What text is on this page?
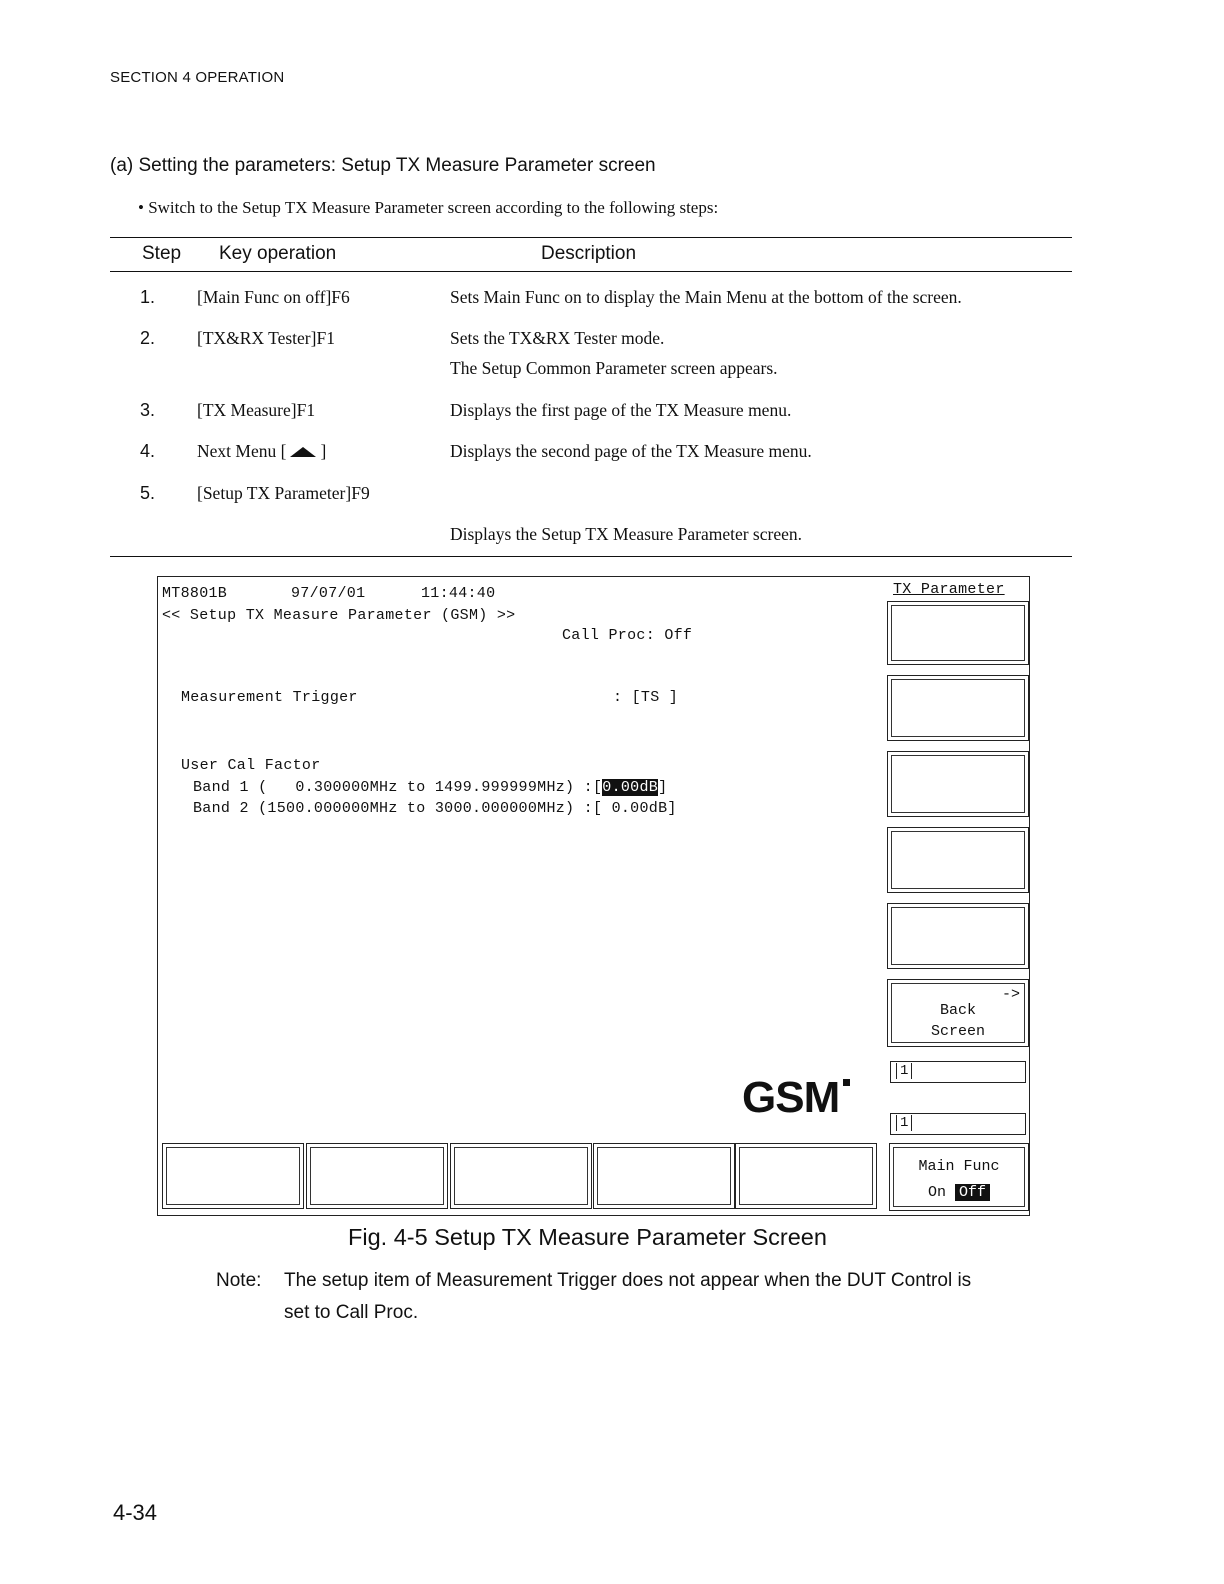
SECTION 4 OPERATION
(a) Setting the parameters: Setup TX Measure Parameter screen
• Switch to the Setup TX Measure Parameter screen according to the following steps:
Step Key operation	Description
1. [Main Func on off]F6	Sets Main Func on to display the Main Menu at the bottom of the screen.
2. [TX&RX Tester]F1	Sets the TX&RX Tester mode.
The Setup Common Parameter screen appears.
3. [TX Measure]F1	Displays the first page of the TX Measure menu.
4. Next Menu [ ]	Displays the second page of the TX Measure menu.
5. [Setup TX Parameter]F9
Displays the Setup TX Measure Parameter screen.
MT8801B	97/07/01	11:44:40
<< Setup TX Measure Parameter (GSM) >>
Call Proc: Off
Measurement Trigger	: [TS ]
User Cal Factor
Band 1 (   0.300000MHz to 1499.999999MHz) :[0.00dB]
Band 2 (1500.000000MHz to 3000.000000MHz) :[ 0.00dB]
TX Parameter
->
Back
Screen
1
1
Main Func
On Off
GSM
Fig. 4-5 Setup TX Measure Parameter Screen
Note: The setup item of Measurement Trigger does not appear when the DUT Control is
set to Call Proc.
4-34
